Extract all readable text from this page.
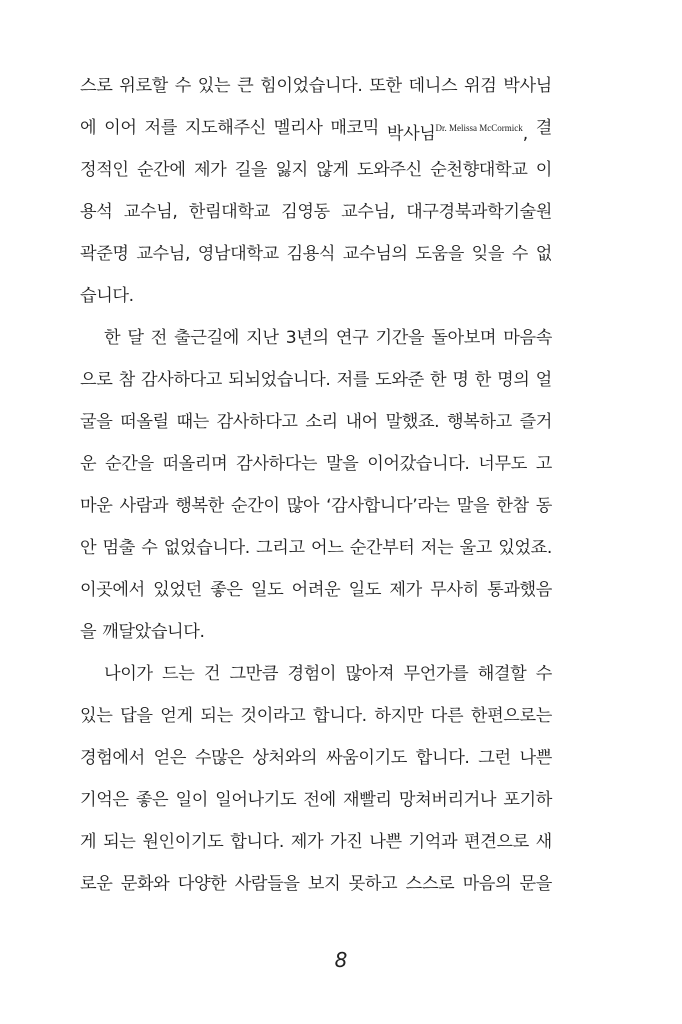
스로 위로할 수 있는 큰 힘이었습니다. 또한 데니스 위검 박사님
에 이어 저를 지도해주신 멜리사 매코믹 박사님$^{Dr. Melissa McCormick}$, 결
정적인 순간에 제가 길을 잃지 않게 도와주신 순천향대학교 이
용석 교수님, 한림대학교 김영동 교수님, 대구경북과학기술원
곽준명 교수님, 영남대학교 김용식 교수님의 도움을 잊을 수 없
습니다.
한 달 전 출근길에 지난 3년의 연구 기간을 돌아보며 마음속
으로 참 감사하다고 되뇌었습니다. 저를 도와준 한 명 한 명의 얼
굴을 떠올릴 때는 감사하다고 소리 내어 말했죠. 행복하고 즐거
운 순간을 떠올리며 감사하다는 말을 이어갔습니다. 너무도 고
마운 사람과 행복한 순간이 많아 ‘감사합니다’라는 말을 한참 동
안 멈출 수 없었습니다. 그리고 어느 순간부터 저는 울고 있었죠.
이곳에서 있었던 좋은 일도 어려운 일도 제가 무사히 통과했음
을 깨달았습니다.
나이가 드는 건 그만큼 경험이 많아져 무언가를 해결할 수
있는 답을 얻게 되는 것이라고 합니다. 하지만 다른 한편으로는
경험에서 얻은 수많은 상처와의 싸움이기도 합니다. 그런 나쁜
기억은 좋은 일이 일어나기도 전에 재빨리 망쳐버리거나 포기하
게 되는 원인이기도 합니다. 제가 가진 나쁜 기억과 편견으로 새
로운 문화와 다양한 사람들을 보지 못하고 스스로 마음의 문을
8
